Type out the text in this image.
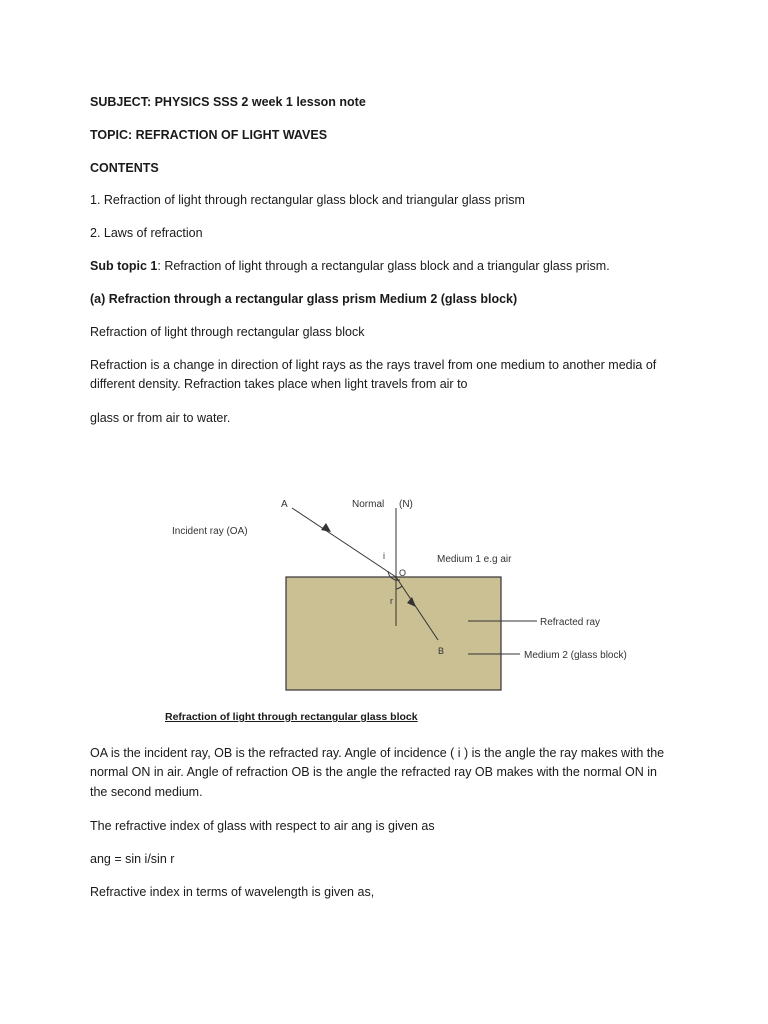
SUBJECT: PHYSICS SSS 2 week 1 lesson note

TOPIC: REFRACTION OF LIGHT WAVES

CONTENTS

1. Refraction of light through rectangular glass block and triangular glass prism

2. Laws of refraction

Sub topic 1: Refraction of light through a rectangular glass block and a triangular glass prism.

(a) Refraction through a rectangular glass prism Medium 2 (glass block)

Refraction of light through rectangular glass block

Refraction is a change in direction of light rays as the rays travel from one medium to another media of

different density. Refraction takes place when light travels from air to

glass or from air to water.

A	Normal (N)
Incident ray (OA)
i
O
Medium 1 e.g air
r
Refracted ray
B	Medium 2 (glass block)

Refraction of light through rectangular glass block

OA is the incident ray, OB is the refracted ray. Angle of incidence ( i ) is the angle the ray makes with the

normal ON in air. Angle of refraction OB is the angle the refracted ray OB makes with the normal ON in

the second medium.

The refractive index of glass with respect to air ang is given as

ang = sin i/sin r

Refractive index in terms of wavelength is given as,
